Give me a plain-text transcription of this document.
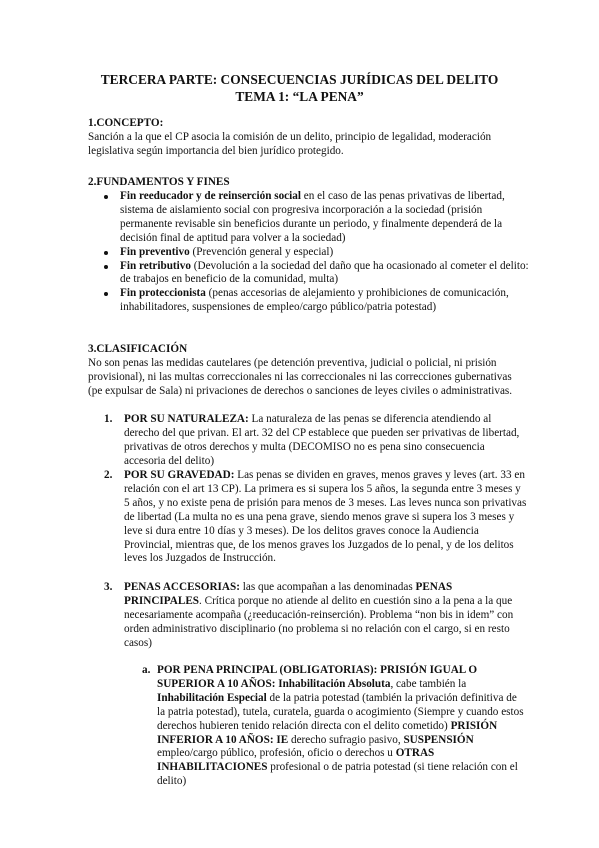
TERCERA PARTE: CONSECUENCIAS JURÍDICAS DEL DELITO
TEMA 1: “LA PENA”
1.CONCEPTO:
Sanción a la que el CP asocia la comisión de un delito, principio de legalidad, moderación legislativa según importancia del bien jurídico protegido.
2.FUNDAMENTOS Y FINES
Fin reeducador y de reinserción social en el caso de las penas privativas de libertad, sistema de aislamiento social con progresiva incorporación a la sociedad (prisión permanente revisable sin beneficios durante un periodo, y finalmente dependerá de la decisión final de aptitud para volver a la sociedad)
Fin preventivo (Prevención general y especial)
Fin retributivo (Devolución a la sociedad del daño que ha ocasionado al cometer el delito: de trabajos en beneficio de la comunidad, multa)
Fin proteccionista (penas accesorias de alejamiento y prohibiciones de comunicación, inhabilitadores, suspensiones de empleo/cargo público/patria potestad)
3.CLASIFICACIÓN
No son penas las medidas cautelares (pe detención preventiva, judicial o policial, ni prisión provisional), ni las multas correccionales ni las correccionales ni las correcciones gubernativas (pe expulsar de Sala) ni privaciones de derechos o sanciones de leyes civiles o administrativas.
1. POR SU NATURALEZA: La naturaleza de las penas se diferencia atendiendo al derecho del que privan. El art. 32 del CP establece que pueden ser privativas de libertad, privativas de otros derechos y multa (DECOMISO no es pena sino consecuencia accesoria del delito)
2. POR SU GRAVEDAD: Las penas se dividen en graves, menos graves y leves (art. 33 en relación con el art 13 CP). La primera es si supera los 5 años, la segunda entre 3 meses y 5 años, y no existe pena de prisión para menos de 3 meses. Las leves nunca son privativas de libertad (La multa no es una pena grave, siendo menos grave si supera los 3 meses y leve si dura entre 10 días y 3 meses). De los delitos graves conoce la Audiencia Provincial, mientras que, de los menos graves los Juzgados de lo penal, y de los delitos leves los Juzgados de Instrucción.
3. PENAS ACCESORIAS: las que acompañan a las denominadas PENAS PRINCIPALES. Crítica porque no atiende al delito en cuestión sino a la pena a la que necesariamente acompaña (¿reeducación-reinserción). Problema “non bis in idem” con orden administrativo disciplinario (no problema si no relación con el cargo, si en resto casos)
a. POR PENA PRINCIPAL (OBLIGATORIAS): PRISIÓN IGUAL O SUPERIOR A 10 AÑOS: Inhabilitación Absoluta, cabe también la Inhabilitación Especial de la patria potestad (también la privación definitiva de la patria potestad), tutela, curatela, guarda o acogimiento (Siempre y cuando estos derechos hubieren tenido relación directa con el delito cometido) PRISIÓN INFERIOR A 10 AÑOS: IE derecho sufragio pasivo, SUSPENSIÓN empleo/cargo público, profesión, oficio o derechos u OTRAS INHABILITACIONES profesional o de patria potestad (si tiene relación con el delito)
